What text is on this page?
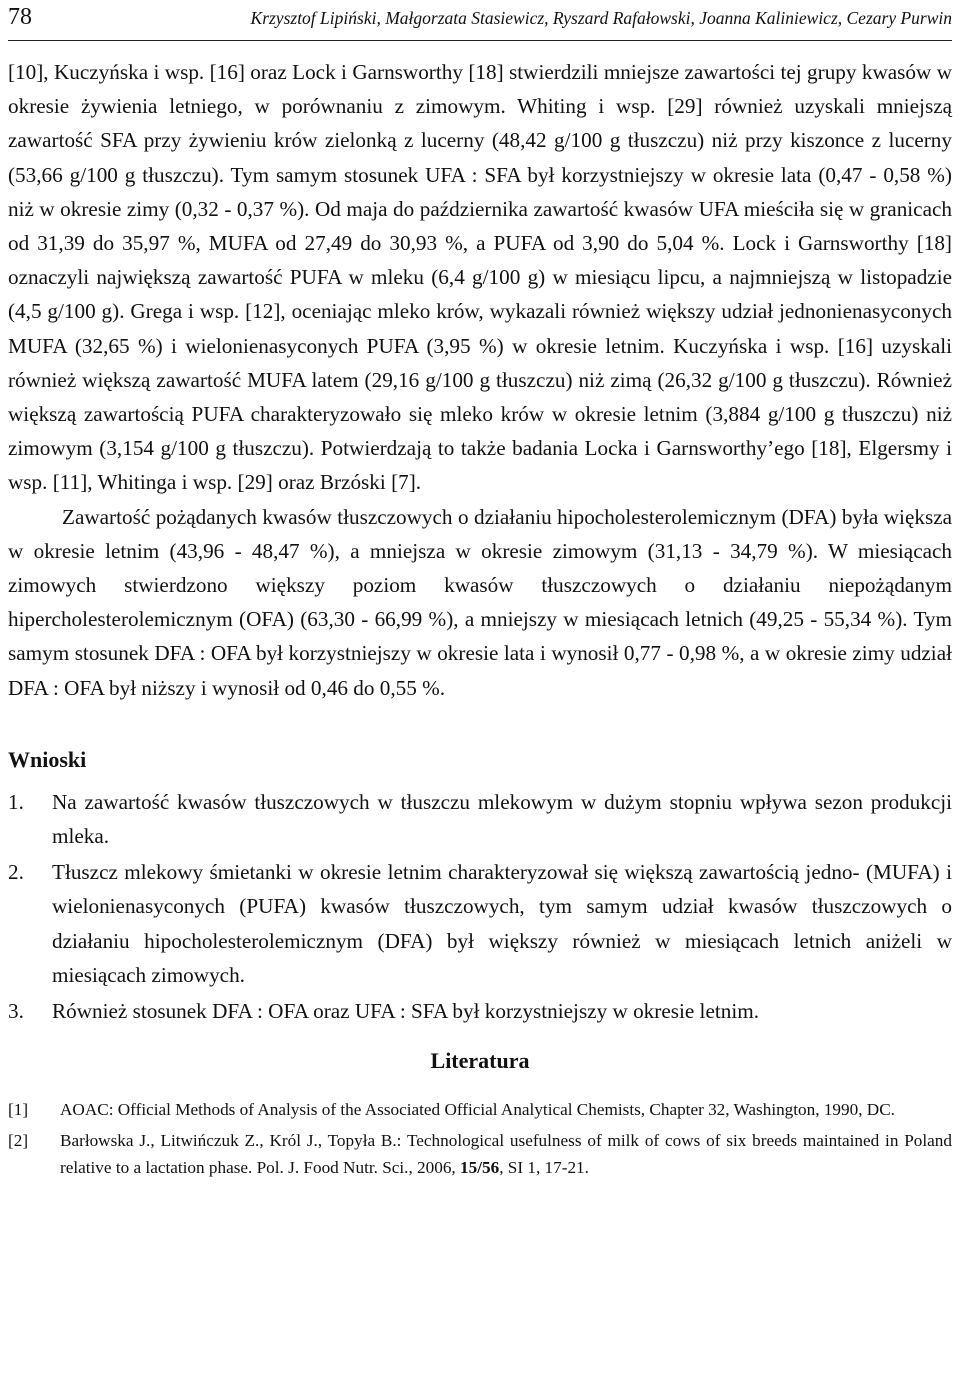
78	Krzysztof Lipiński, Małgorzata Stasiewicz, Ryszard Rafałowski, Joanna Kaliniewicz, Cezary Purwin

[10], Kuczyńska i wsp. [16] oraz Lock i Garnsworthy [18] stwierdzili mniejsze zawartości tej grupy kwasów w okresie żywienia letniego, w porównaniu z zimowym. Whiting i wsp. [29] również uzyskali mniejszą zawartość SFA przy żywieniu krów zielonką z lucerny (48,42 g/100 g tłuszczu) niż przy kiszonce z lucerny (53,66 g/100 g tłuszczu). Tym samym stosunek UFA : SFA był korzystniejszy w okresie lata (0,47 - 0,58 %) niż w okresie zimy (0,32 - 0,37 %). Od maja do października zawartość kwasów UFA mieściła się w granicach od 31,39 do 35,97 %, MUFA od 27,49 do 30,93 %, a PUFA od 3,90 do 5,04 %. Lock i Garnsworthy [18] oznaczyli największą zawartość PUFA w mleku (6,4 g/100 g) w miesiącu lipcu, a najmniejszą w listopadzie (4,5 g/100 g). Grega i wsp. [12], oceniając mleko krów, wykazali również większy udział jednonienasyconych MUFA (32,65 %) i wielonienasyconych PUFA (3,95 %) w okresie letnim. Kuczyńska i wsp. [16] uzyskali również większą zawartość MUFA latem (29,16 g/100 g tłuszczu) niż zimą (26,32 g/100 g tłuszczu). Również większą zawartością PUFA charakteryzowało się mleko krów w okresie letnim (3,884 g/100 g tłuszczu) niż zimowym (3,154 g/100 g tłuszczu). Potwierdzają to także badania Locka i Garnsworthy’ego [18], Elgersmy i wsp. [11], Whitinga i wsp. [29] oraz Brzóski [7].

Zawartość pożądanych kwasów tłuszczowych o działaniu hipocholesterolemicznym (DFA) była większa w okresie letnim (43,96 - 48,47 %), a mniejsza w okresie zimowym (31,13 - 34,79 %). W miesiącach zimowych stwierdzono większy poziom kwasów tłuszczowych o działaniu niepożądanym hipercholesterolemicznym (OFA) (63,30 - 66,99 %), a mniejszy w miesiącach letnich (49,25 - 55,34 %). Tym samym stosunek DFA : OFA był korzystniejszy w okresie lata i wynosił 0,77 - 0,98 %, a w okresie zimy udział DFA : OFA był niższy i wynosił od 0,46 do 0,55 %.

Wnioski
1.	Na zawartość kwasów tłuszczowych w tłuszczu mlekowym w dużym stopniu wpływa sezon produkcji mleka.
2.	Tłuszcz mlekowy śmietanki w okresie letnim charakteryzował się większą zawartością jedno- (MUFA) i wielonienasyconych (PUFA) kwasów tłuszczowych, tym samym udział kwasów tłuszczowych o działaniu hipocholesterolemicznym (DFA) był większy również w miesiącach letnich aniżeli w miesiącach zimowych.
3.	Również stosunek DFA : OFA oraz UFA : SFA był korzystniejszy w okresie letnim.
Literatura
[1]	AOAC: Official Methods of Analysis of the Associated Official Analytical Chemists, Chapter 32, Washington, 1990, DC.
[2]	Barłowska J., Litwińczuk Z., Król J., Topyła B.: Technological usefulness of milk of cows of six breeds maintained in Poland relative to a lactation phase. Pol. J. Food Nutr. Sci., 2006, 15/56, SI 1, 17-21.
